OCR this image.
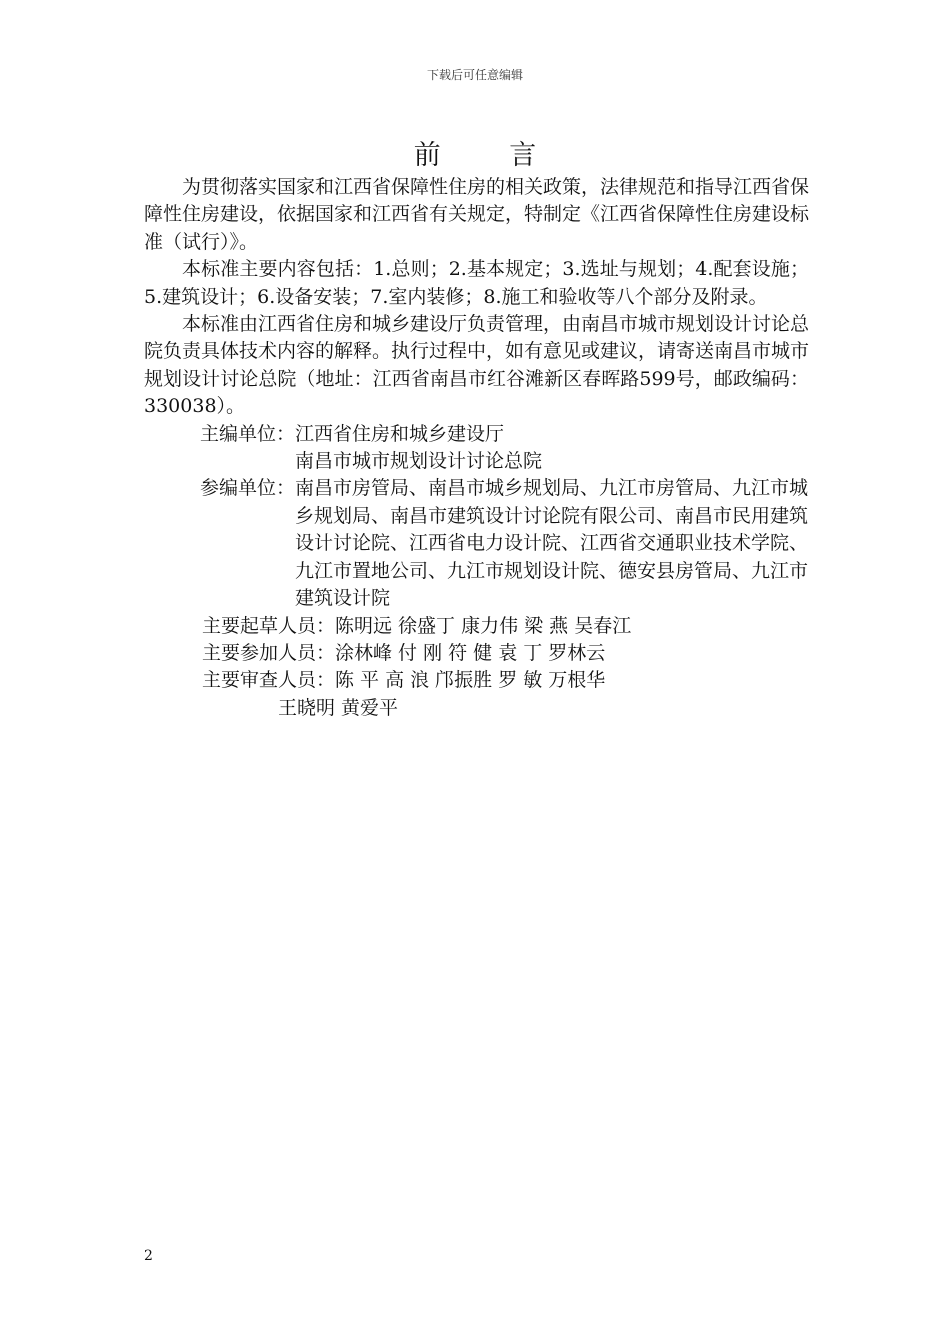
下载后可任意编辑
前 言

为贯彻落实国家和江西省保障性住房的相关政策，法律规范和指导江西省保障性住房建设，依据国家和江西省有关规定，特制定《江西省保障性住房建设标准（试行）》。

本标准主要内容包括：1.总则；2.基本规定；3.选址与规划；4.配套设施；5.建筑设计；6.设备安装；7.室内装修；8.施工和验收等八个部分及附录。

本标准由江西省住房和城乡建设厅负责管理，由南昌市城市规划设计讨论总院负责具体技术内容的解释。执行过程中，如有意见或建议，请寄送南昌市城市规划设计讨论总院（地址：江西省南昌市红谷滩新区春晖路599号，邮政编码：330038）。

主编单位： 江西省住房和城乡建设厅
南昌市城市规划设计讨论总院
参编单位： 南昌市房管局、南昌市城乡规划局、九江市房管局、九江市城乡规划局、南昌市建筑设计讨论院有限公司、南昌市民用建筑设计讨论院、江西省电力设计院、江西省交通职业技术学院、九江市置地公司、九江市规划设计院、德安县房管局、九江市建筑设计院
主要起草人员：陈明远 徐盛丁 康力伟 梁 燕 吴春江
主要参加人员：涂林峰 付 刚 符 健 袁 丁 罗林云
主要审查人员：陈 平 高 浪 邝振胜 罗 敏 万根华
王晓明 黄爱平
2
